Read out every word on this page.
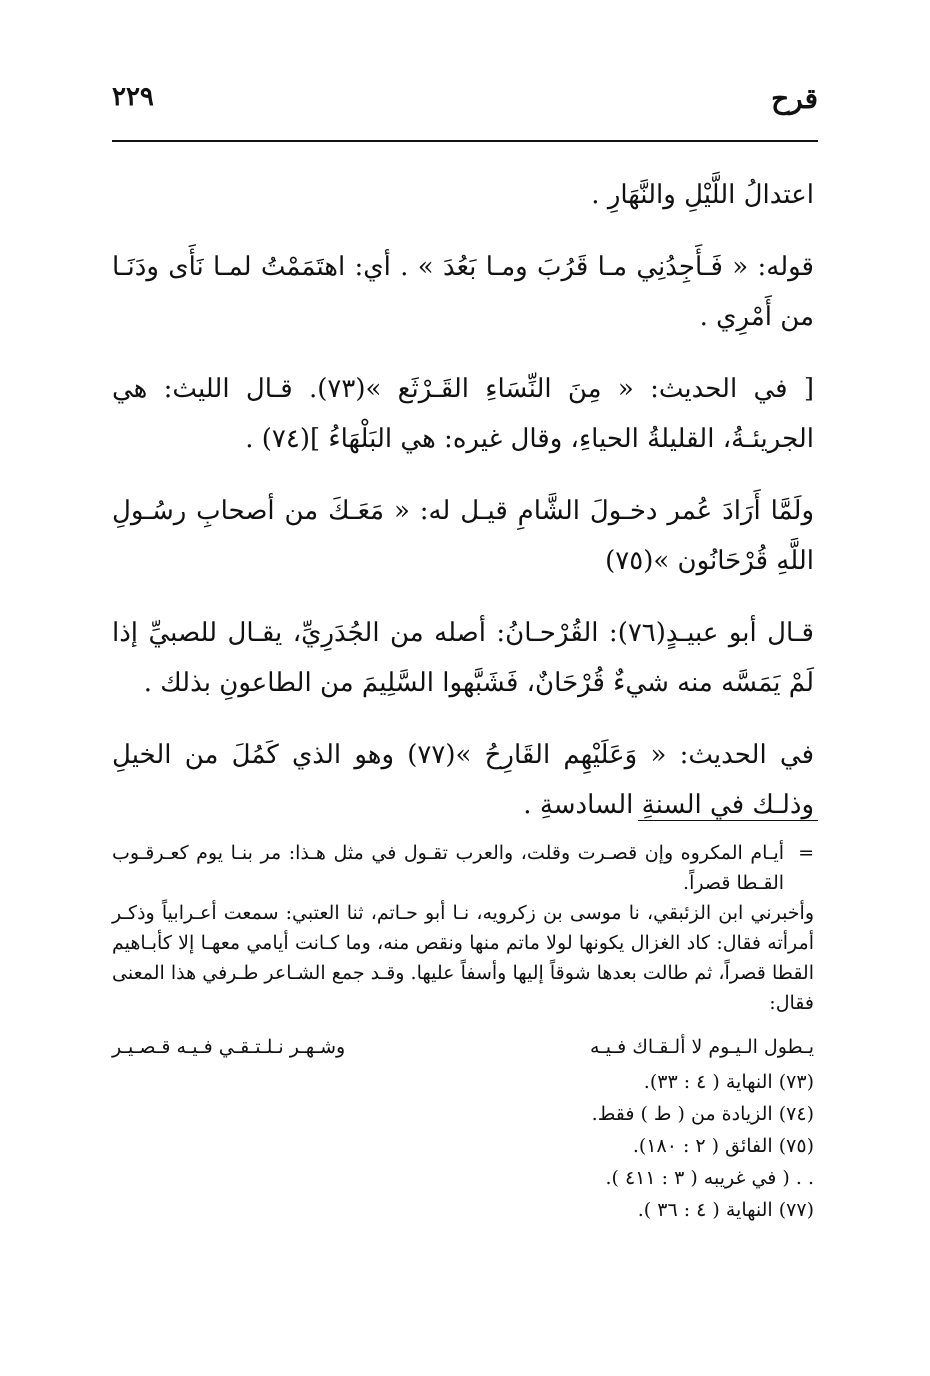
قرح
٢٢٩

اعتدالُ اللَّيْلِ والنَّهَارِ .

قوله: « فَـأَجِدُنِي مـا قَرُبَ ومـا بَعُدَ » . أي: اهتَمَمْتُ لمـا نَأَى ودَنَـا من أَمْرِي .

[ في الحديث: « مِنَ النِّسَاءِ القَـرْثَع »(٧٣). قـال الليث: هي الجريئـةُ، القليلةُ الحياءِ، وقال غيره: هي البَلْهَاءُ ](٧٤) .

ولَمَّا أَرَادَ عُمر دخـولَ الشَّامِ قيـل له: « مَعَـكَ من أصحابِ رسُـولِ اللَّهِ قُرْحَانُون »(٧٥)

قـال أبو عبيـدٍ(٧٦): القُرْحـانُ: أصله من الجُدَرِيِّ، يقـال للصبيِّ إذا لَمْ يَمَسَّه منه شيءٌ قُرْحَانٌ، فَشَبَّهوا السَّلِيمَ من الطاعونِ بذلك .

في الحديث: « وَعَلَيْهِم القَارِحُ »(٧٧) وهو الذي كَمُلَ من الخيلِ وذلـك في السنةِ السادسةِ .

=

أيـام المكروه وإن قصـرت وقلت، والعرب تقـول في مثل هـذا: مر بنـا يوم كعـرقـوب القـطا قصراً.

وأخبرني ابن الزئبقي، نا موسى بن زكرويه، نـا أبو حـاتم، ثنا العتبي: سمعت أعـرابياً وذكـر أمرأته فقال: كاد الغزال يكونها لولا ماتم منها ونقص منه، وما كـانت أيامي معهـا إلا كأبـاهيم القطا قصراً، ثم طالت بعدها شوقاً إليها وأسفاً عليها. وقـد جمع الشـاعر طـرفي هذا المعنى فقال:

يـطول الـيـوم لا ألـقـاك فـيـه
وشـهـر نـلـتـقـي فـيـه قـصـيـر
(٧٣) النهاية ( ٤ : ٣٣).
(٧٤) الزيادة من ( ط ) فقط.
(٧٥) الفائق ( ٢ : ١٨٠).
. . ( في غريبه ( ٣ : ٤١١ ).
(٧٧) النهاية ( ٤ : ٣٦ ).
